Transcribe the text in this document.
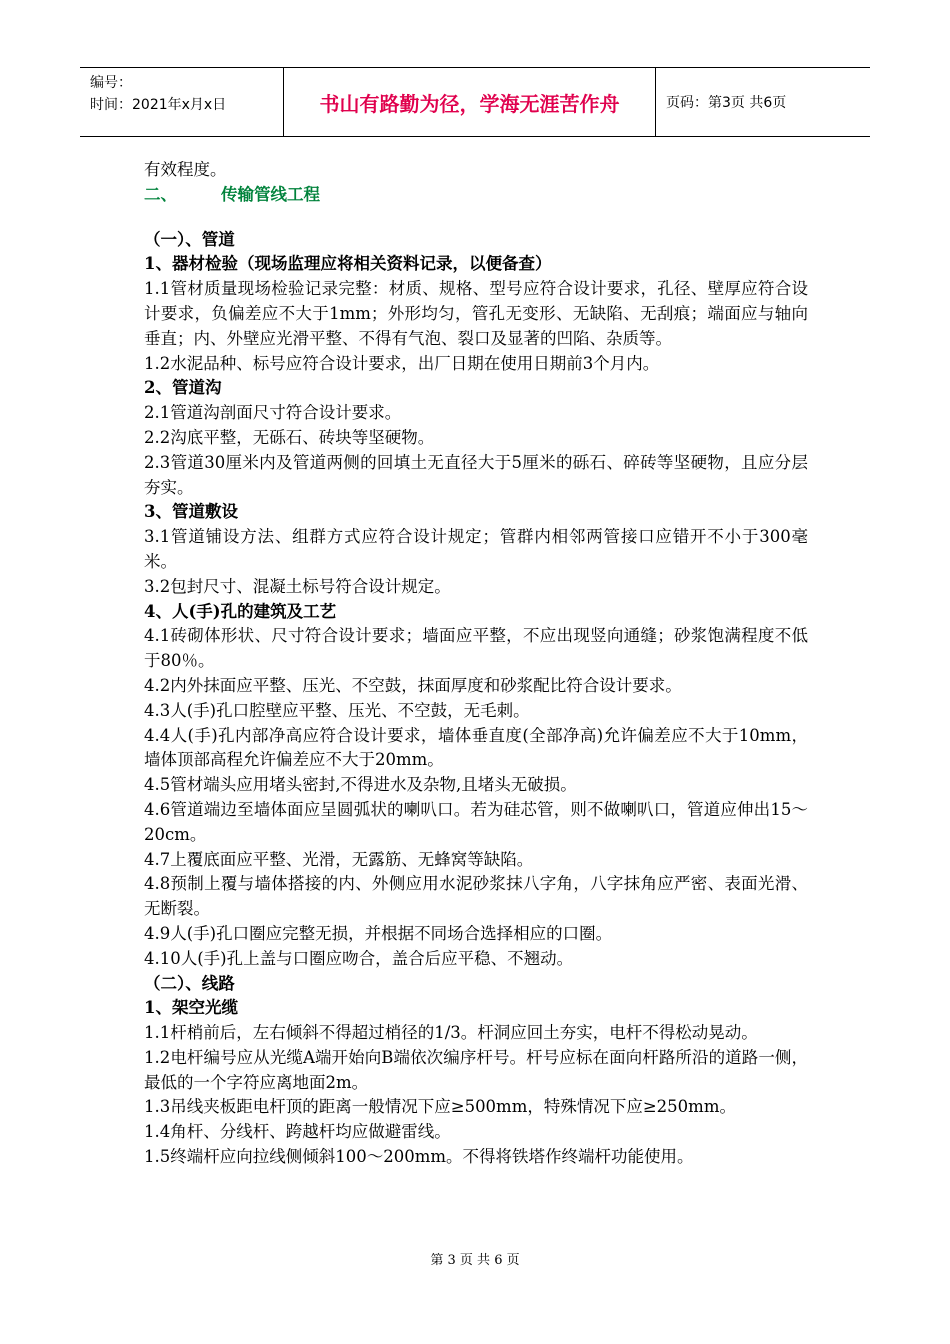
编号：
时间：2021年x月x日	书山有路勤为径，学海无涯苦作舟	页码：第3页 共6页

有效程度。

二、	传输管线工程

（一）、管道

1、器材检验（现场监理应将相关资料记录，以便备查）

1.1管材质量现场检验记录完整：材质、规格、型号应符合设计要求，孔径、壁厚应符合设计要求，负偏差应不大于1mm；外形均匀，管孔无变形、无缺陷、无刮痕；端面应与轴向垂直；内、外壁应光滑平整、不得有气泡、裂口及显著的凹陷、杂质等。

1.2水泥品种、标号应符合设计要求，出厂日期在使用日期前3个月内。

2、管道沟

2.1管道沟剖面尺寸符合设计要求。

2.2沟底平整，无砾石、砖块等坚硬物。

2.3管道30厘米内及管道两侧的回填土无直径大于5厘米的砾石、碎砖等坚硬物，且应分层夯实。

3、管道敷设

3.1管道铺设方法、组群方式应符合设计规定；管群内相邻两管接口应错开不小于300毫米。

3.2包封尺寸、混凝土标号符合设计规定。

4、人(手)孔的建筑及工艺

4.1砖砌体形状、尺寸符合设计要求；墙面应平整，不应出现竖向通缝；砂浆饱满程度不低于80％。

4.2内外抹面应平整、压光、不空鼓，抹面厚度和砂浆配比符合设计要求。

4.3人(手)孔口腔壁应平整、压光、不空鼓，无毛刺。

4.4人(手)孔内部净高应符合设计要求，墙体垂直度(全部净高)允许偏差应不大于10mm，墙体顶部高程允许偏差应不大于20mm。

4.5管材端头应用堵头密封,不得进水及杂物,且堵头无破损。

4.6管道端边至墙体面应呈圆弧状的喇叭口。若为硅芯管，则不做喇叭口，管道应伸出15～20cm。

4.7上覆底面应平整、光滑，无露筋、无蜂窝等缺陷。

4.8预制上覆与墙体搭接的内、外侧应用水泥砂浆抹八字角，八字抹角应严密、表面光滑、无断裂。

4.9人(手)孔口圈应完整无损，并根据不同场合选择相应的口圈。

4.10人(手)孔上盖与口圈应吻合，盖合后应平稳、不翘动。

（二）、线路

1、架空光缆

1.1杆梢前后，左右倾斜不得超过梢径的1/3。杆洞应回土夯实，电杆不得松动晃动。

1.2电杆编号应从光缆A端开始向B端依次编序杆号。杆号应标在面向杆路所沿的道路一侧，最低的一个字符应离地面2m。

1.3吊线夹板距电杆顶的距离一般情况下应≥500mm，特殊情况下应≥250mm。

1.4角杆、分线杆、跨越杆均应做避雷线。

1.5终端杆应向拉线侧倾斜100～200mm。不得将铁塔作终端杆功能使用。

第 3 页 共 6 页
